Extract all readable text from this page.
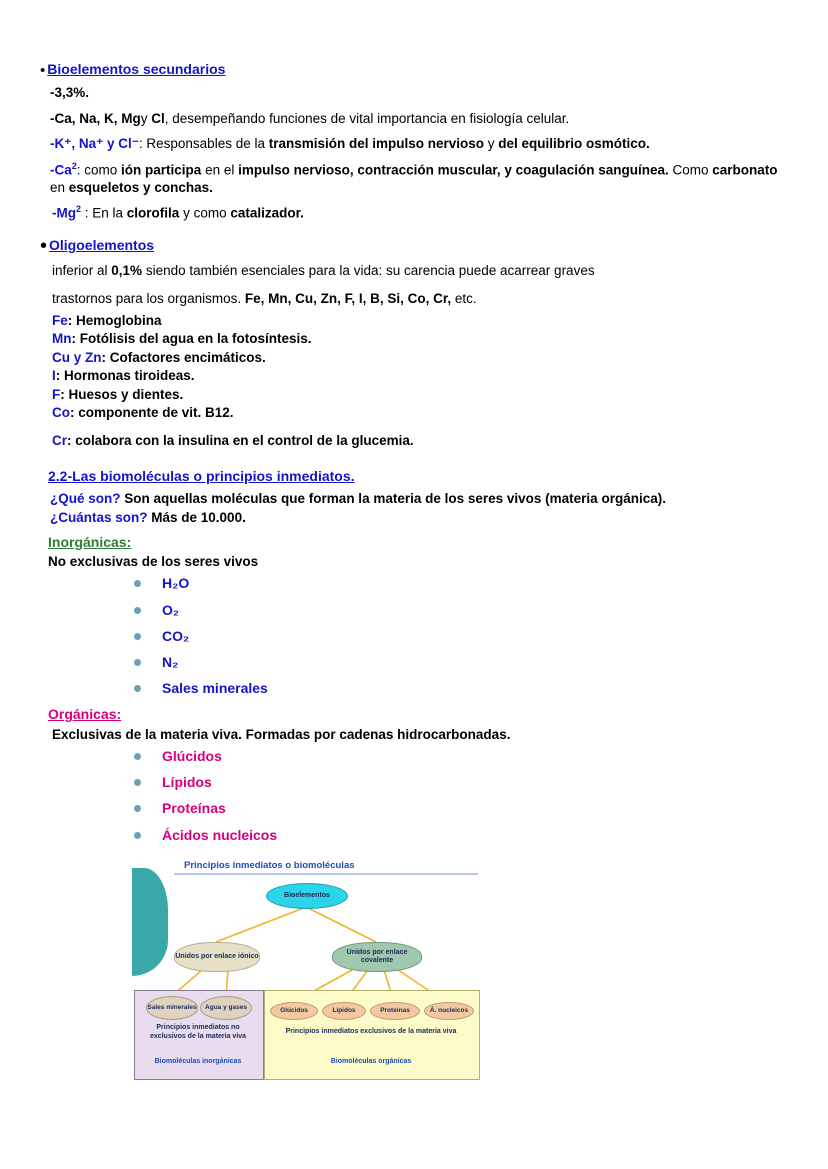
• Bioelementos secundarios
-3,3%.
-Ca, Na, K, Mgy Cl, desempeñando funciones de vital importancia en fisiología celular.
-K⁺, Na⁺ y Cl⁻: Responsables de la transmisión del impulso nervioso y del equilibrio osmótico.
-Ca$^2$: como ión participa en el impulso nervioso, contracción muscular, y coagulación sanguínea. Como carbonato en esqueletos y conchas.
-Mg$^2$ : En la clorofila y como catalizador.
• Oligoelementos
inferior al 0,1% siendo también esenciales para la vida: su carencia puede acarrear graves
trastornos para los organismos. Fe, Mn, Cu, Zn, F, I, B, Si, Co, Cr, etc.
Fe: Hemoglobina
Mn: Fotólisis del agua en la fotosíntesis.
Cu y Zn: Cofactores encimáticos.
I: Hormonas tiroideas.
F: Huesos y dientes.
Co: componente de vit. B12.
Cr: colabora con la insulina en el control de la glucemia.
2.2-Las biomoléculas o principios inmediatos.
¿Qué son? Son aquellas moléculas que forman la materia de los seres vivos (materia orgánica).
¿Cuántas son? Más de 10.000.
Inorgánicas:
No exclusivas de los seres vivos
H₂O
O₂
CO₂
N₂
Sales minerales
Orgánicas:
Exclusivas de la materia viva. Formadas por cadenas hidrocarbonadas.
Glúcidos
Lípidos
Proteínas
Ácidos nucleicos
Principios inmediatos o biomoléculas
Bioelementos
Unidos por enlace iónico
Unidos por enlace covalente
Sales minerales	Agua y gases	Glúcidos	Lípidos	Proteínas	Á. nucleicos
Principios inmediatos no exclusivos de la materia viva
Principios inmediatos exclusivos de la materia viva
Biomoléculas inorgánicas	Biomoléculas orgánicas
